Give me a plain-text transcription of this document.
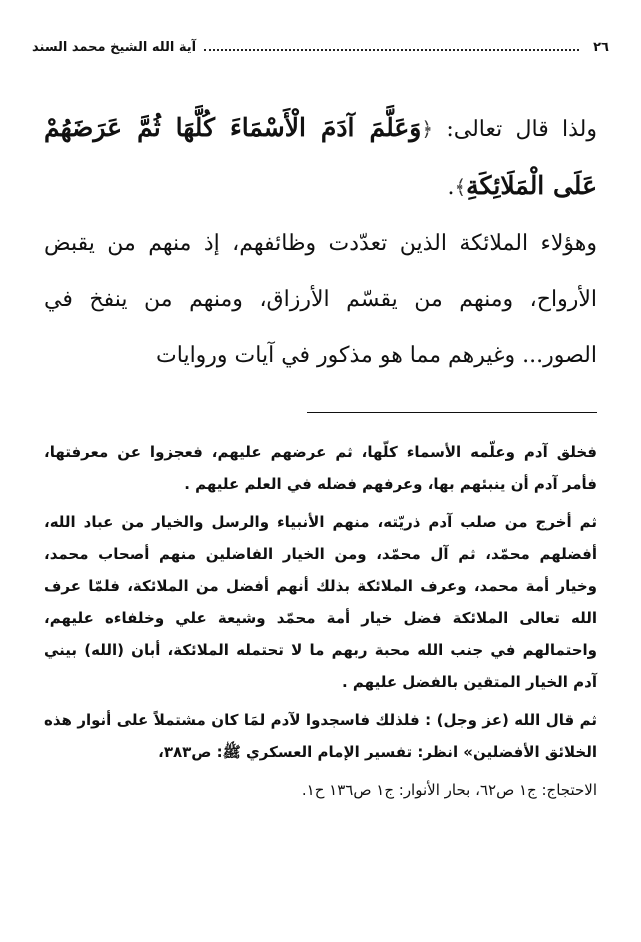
٢٦
آية الله الشيخ محمد السند

ولذا قال تعالى: ﴿وَعَلَّمَ آدَمَ الْأَسْمَاءَ كُلَّهَا ثُمَّ عَرَضَهُمْ عَلَى الْمَلَائِكَةِ﴾.

وهؤلاء الملائكة الذين تعدّدت وظائفهم، إذ منهم من يقبض الأرواح، ومنهم من يقسّم الأرزاق، ومنهم من ينفخ في الصور... وغيرهم مما هو مذكور في آيات وروايات

فخلق آدم وعلّمه الأسماء كلّها، ثم عرضهم عليهم، فعجزوا عن معرفتها، فأمر آدم أن ينبئهم بها، وعرفهم فضله في العلم عليهم .

ثم أخرج من صلب آدم ذريّته، منهم الأنبياء والرسل والخيار من عباد الله، أفضلهم محمّد، ثم آل محمّد، ومن الخيار الفاضلين منهم أصحاب محمد، وخيار أمة محمد، وعرف الملائكة بذلك أنهم أفضل من الملائكة، فلمّا عرف الله تعالى الملائكة فضل خيار أمة محمّد وشيعة علي وخلفاءه عليهم، واحتمالهم في جنب الله محبة ربهم ما لا تحتمله الملائكة، أبان (الله) بيني آدم الخيار المتقين بالفضل عليهم .

ثم قال الله (عز وجل) : فلذلك فاسجدوا لآدم لمَا كان مشتملاً على أنوار هذه الخلائق الأفضلين» انظر: تفسير الإمام العسكري ﷺ: ص٣٨٣،

الاحتجاج: ج١ ص٦٢، بحار الأنوار: ج١ ص١٣٦ ح١.
